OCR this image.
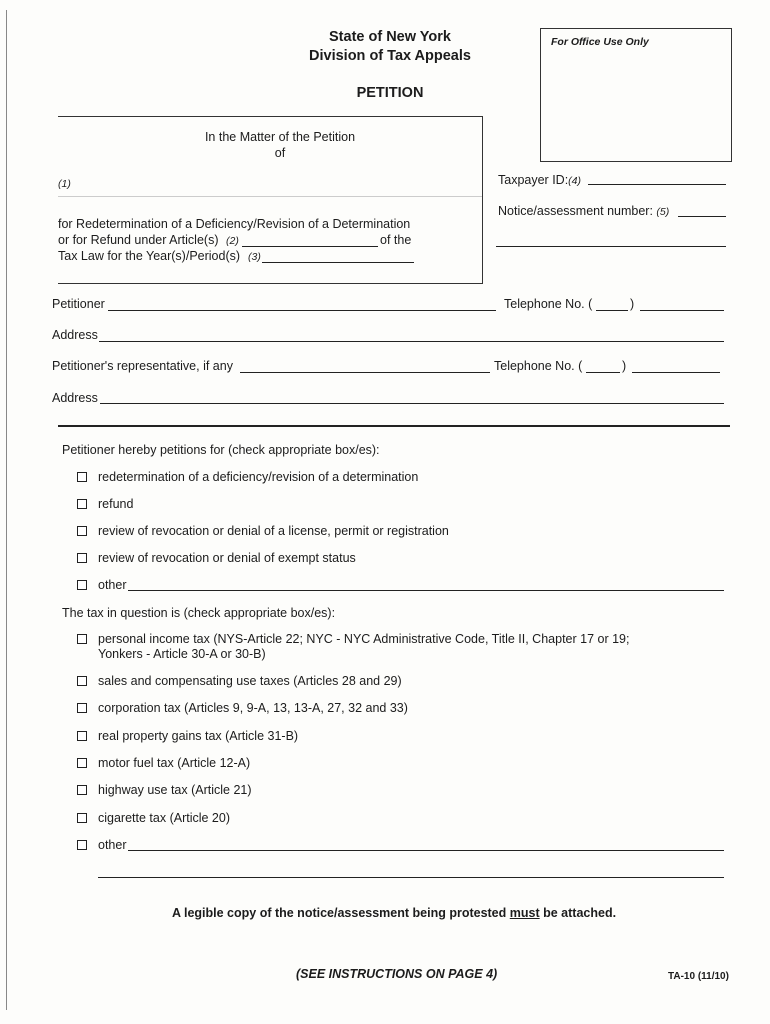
State of New York
Division of Tax Appeals
PETITION
For Office Use Only
In the Matter of the Petition
of
(1)
for Redetermination of a Deficiency/Revision of a Determination
or for Refund under Article(s) (2)	of the
Tax Law for the Year(s)/Period(s) (3)
Taxpayer ID:(4)
Notice/assessment number: (5)
Petitioner	Telephone No. (	)
Address
Petitioner's representative, if any	Telephone No. (	)
Address
Petitioner hereby petitions for (check appropriate box/es):
redetermination of a deficiency/revision of a determination
refund
review of revocation or denial of a license, permit or registration
review of revocation or denial of exempt status
other
The tax in question is (check appropriate box/es):
personal income tax (NYS-Article 22; NYC - NYC Administrative Code, Title II, Chapter 17 or 19;
Yonkers - Article 30-A or 30-B)
sales and compensating use taxes (Articles 28 and 29)
corporation tax (Articles 9, 9-A, 13, 13-A, 27, 32 and 33)
real property gains tax (Article 31-B)
motor fuel tax (Article 12-A)
highway use tax (Article 21)
cigarette tax (Article 20)
other
A legible copy of the notice/assessment being protested must be attached.
(SEE INSTRUCTIONS ON PAGE 4)	TA-10 (11/10)
